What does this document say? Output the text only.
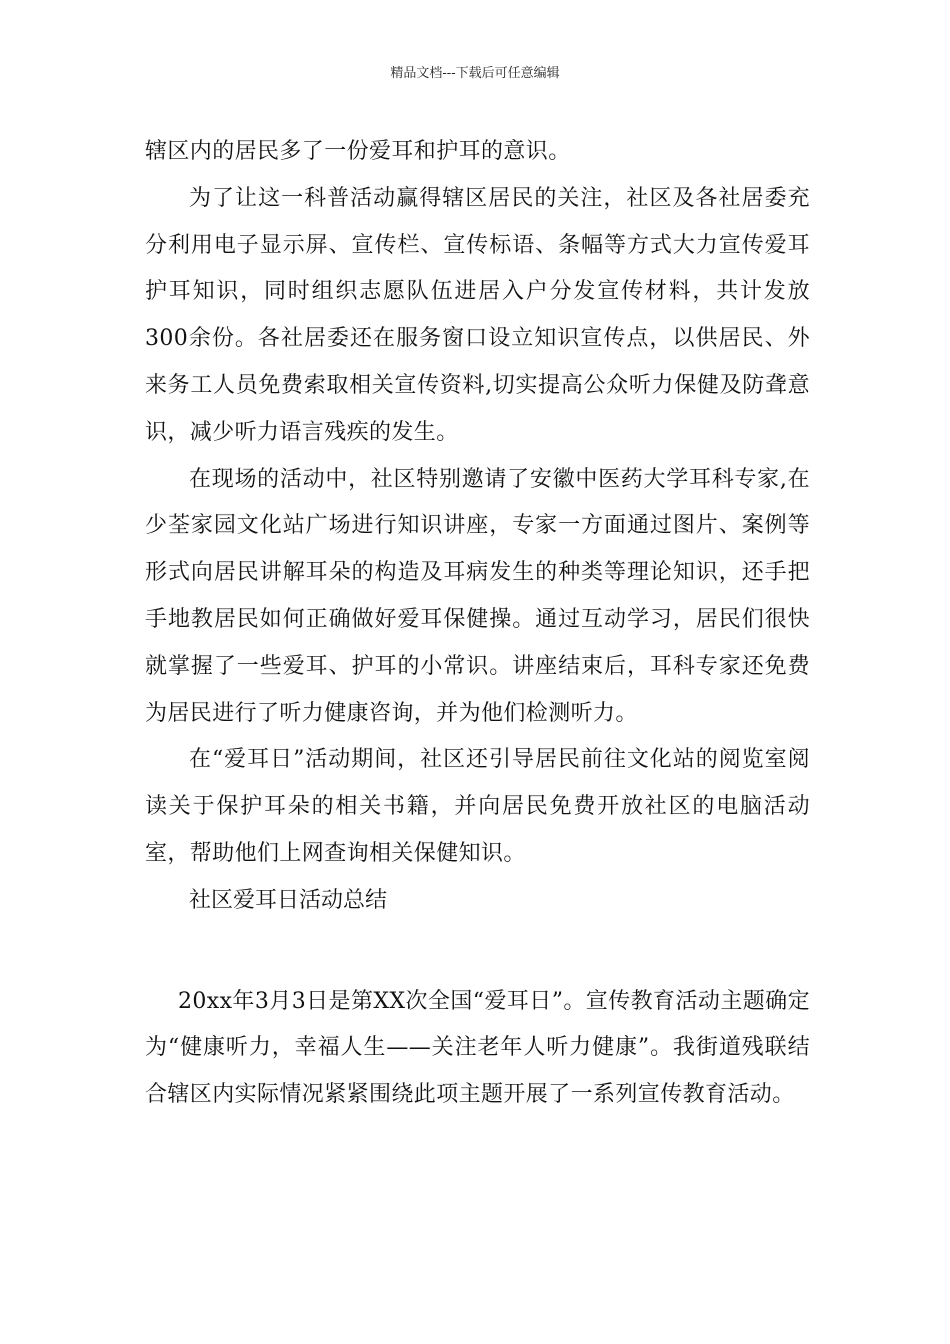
精品文档---下载后可任意编辑

辖区内的居民多了一份爱耳和护耳的意识。

为了让这一科普活动赢得辖区居民的关注，社区及各社居委充分利用电子显示屏、宣传栏、宣传标语、条幅等方式大力宣传爱耳护耳知识，同时组织志愿队伍进居入户分发宣传材料，共计发放300余份。各社居委还在服务窗口设立知识宣传点，以供居民、外来务工人员免费索取相关宣传资料,切实提高公众听力保健及防聋意识，减少听力语言残疾的发生。

在现场的活动中，社区特别邀请了安徽中医药大学耳科专家,在少荃家园文化站广场进行知识讲座，专家一方面通过图片、案例等形式向居民讲解耳朵的构造及耳病发生的种类等理论知识，还手把手地教居民如何正确做好爱耳保健操。通过互动学习，居民们很快就掌握了一些爱耳、护耳的小常识。讲座结束后，耳科专家还免费为居民进行了听力健康咨询，并为他们检测听力。

在“爱耳日”活动期间，社区还引导居民前往文化站的阅览室阅读关于保护耳朵的相关书籍，并向居民免费开放社区的电脑活动室，帮助他们上网查询相关保健知识。

社区爱耳日活动总结

20xx年3月3日是第XX次全国“爱耳日”。宣传教育活动主题确定为“健康听力，幸福人生——关注老年人听力健康”。我街道残联结合辖区内实际情况紧紧围绕此项主题开展了一系列宣传教育活动。
